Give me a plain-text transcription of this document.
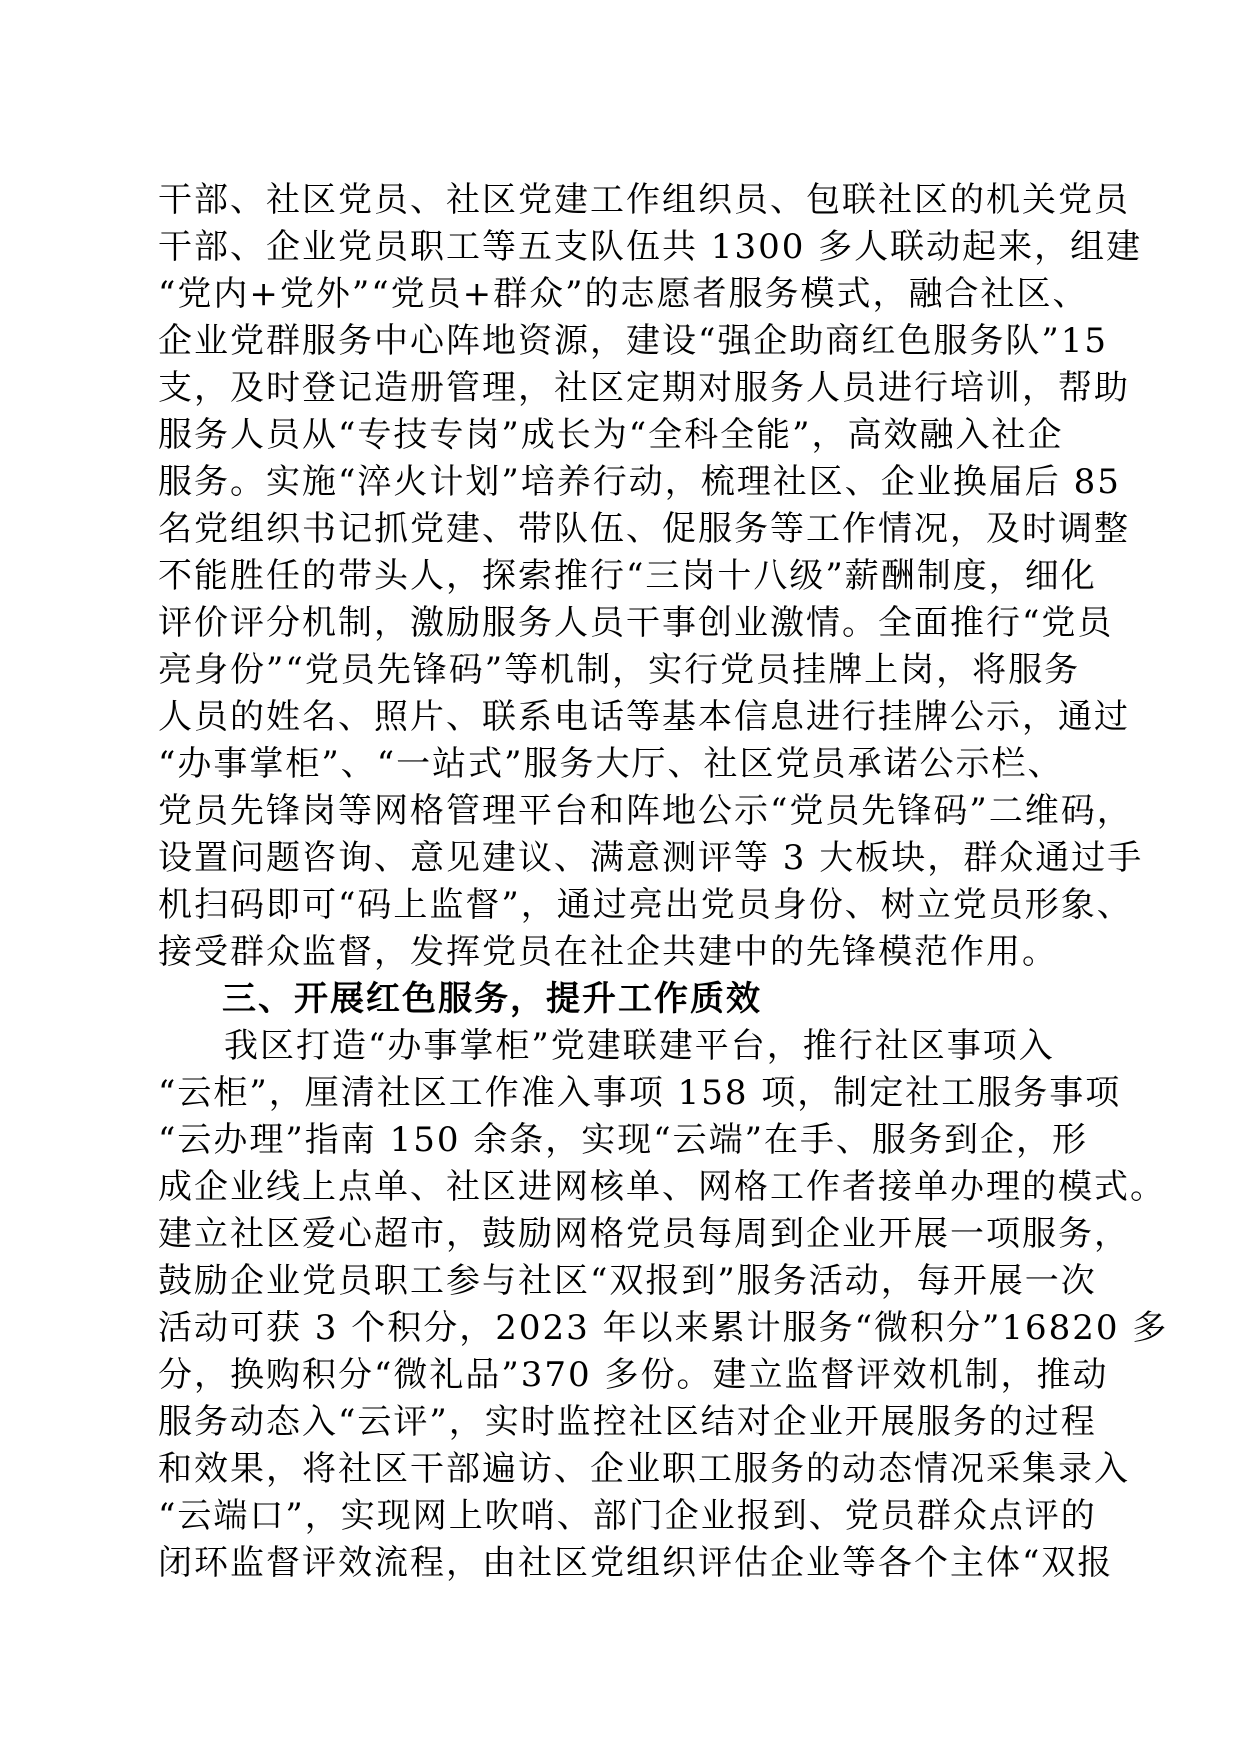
干部、社区党员、社区党建工作组织员、包联社区的机关党员
干部、企业党员职工等五支队伍共 1300 多人联动起来，组建
“党内+党外”“党员+群众”的志愿者服务模式，融合社区、
企业党群服务中心阵地资源，建设“强企助商红色服务队”15
支，及时登记造册管理，社区定期对服务人员进行培训，帮助
服务人员从“专技专岗”成长为“全科全能”，高效融入社企
服务。实施“淬火计划”培养行动，梳理社区、企业换届后 85
名党组织书记抓党建、带队伍、促服务等工作情况，及时调整
不能胜任的带头人，探索推行“三岗十八级”薪酬制度，细化
评价评分机制，激励服务人员干事创业激情。全面推行“党员
亮身份”“党员先锋码”等机制，实行党员挂牌上岗，将服务
人员的姓名、照片、联系电话等基本信息进行挂牌公示，通过
“办事掌柜”、“一站式”服务大厅、社区党员承诺公示栏、
党员先锋岗等网格管理平台和阵地公示“党员先锋码”二维码，
设置问题咨询、意见建议、满意测评等 3 大板块，群众通过手
机扫码即可“码上监督”，通过亮出党员身份、树立党员形象、
接受群众监督，发挥党员在社企共建中的先锋模范作用。
三、开展红色服务，提升工作质效
我区打造“办事掌柜”党建联建平台，推行社区事项入
“云柜”，厘清社区工作准入事项 158 项，制定社工服务事项
“云办理”指南 150 余条，实现“云端”在手、服务到企，形
成企业线上点单、社区进网核单、网格工作者接单办理的模式。
建立社区爱心超市，鼓励网格党员每周到企业开展一项服务，
鼓励企业党员职工参与社区“双报到”服务活动，每开展一次
活动可获 3 个积分，2023 年以来累计服务“微积分”16820 多
分，换购积分“微礼品”370 多份。建立监督评效机制，推动
服务动态入“云评”，实时监控社区结对企业开展服务的过程
和效果，将社区干部遍访、企业职工服务的动态情况采集录入
“云端口”，实现网上吹哨、部门企业报到、党员群众点评的
闭环监督评效流程，由社区党组织评估企业等各个主体“双报
